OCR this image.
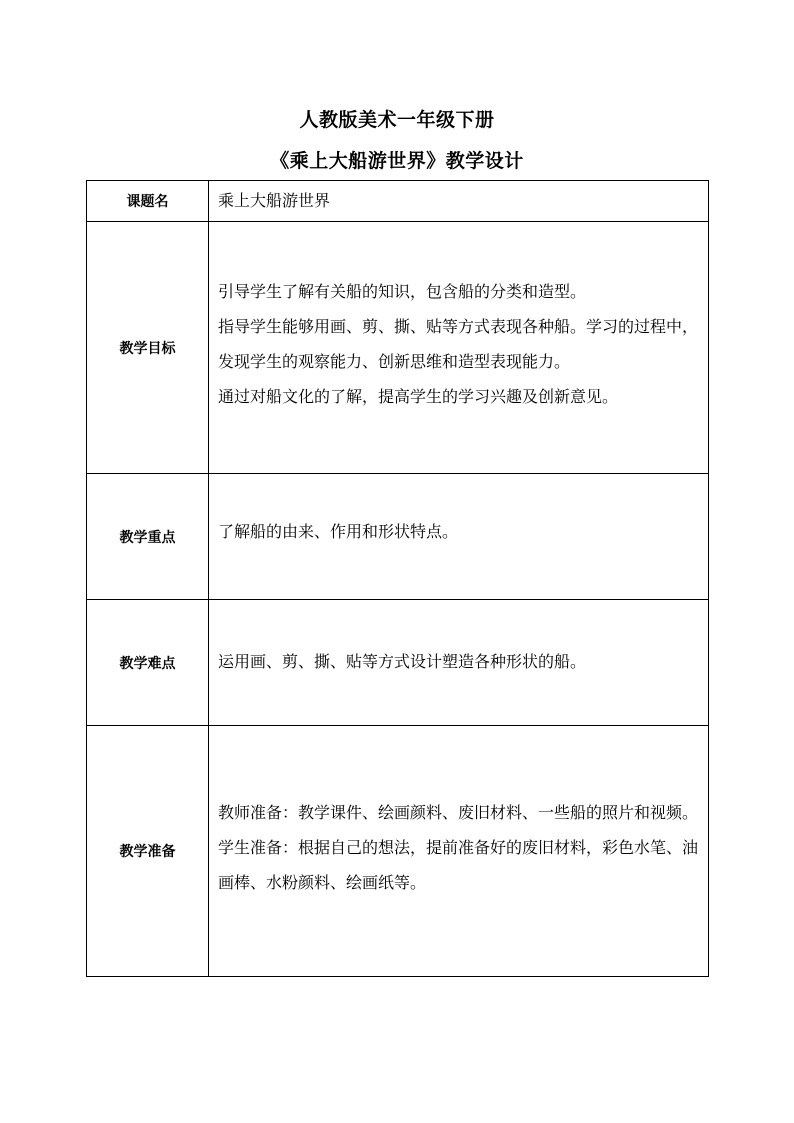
人教版美术一年级下册
《乘上大船游世界》教学设计
课题名	乘上大船游世界

教学目标	引导学生了解有关船的知识，包含船的分类和造型。
指导学生能够用画、剪、撕、贴等方式表现各种船。学习的过程中，发现学生的观察能力、创新思维和造型表现能力。
通过对船文化的了解，提高学生的学习兴趣及创新意见。

教学重点	了解船的由来、作用和形状特点。

教学难点	运用画、剪、撕、贴等方式设计塑造各种形状的船。

教学准备	教师准备：教学课件、绘画颜料、废旧材料、一些船的照片和视频。
学生准备：根据自己的想法，提前准备好的废旧材料，彩色水笔、油画棒、水粉颜料、绘画纸等。
